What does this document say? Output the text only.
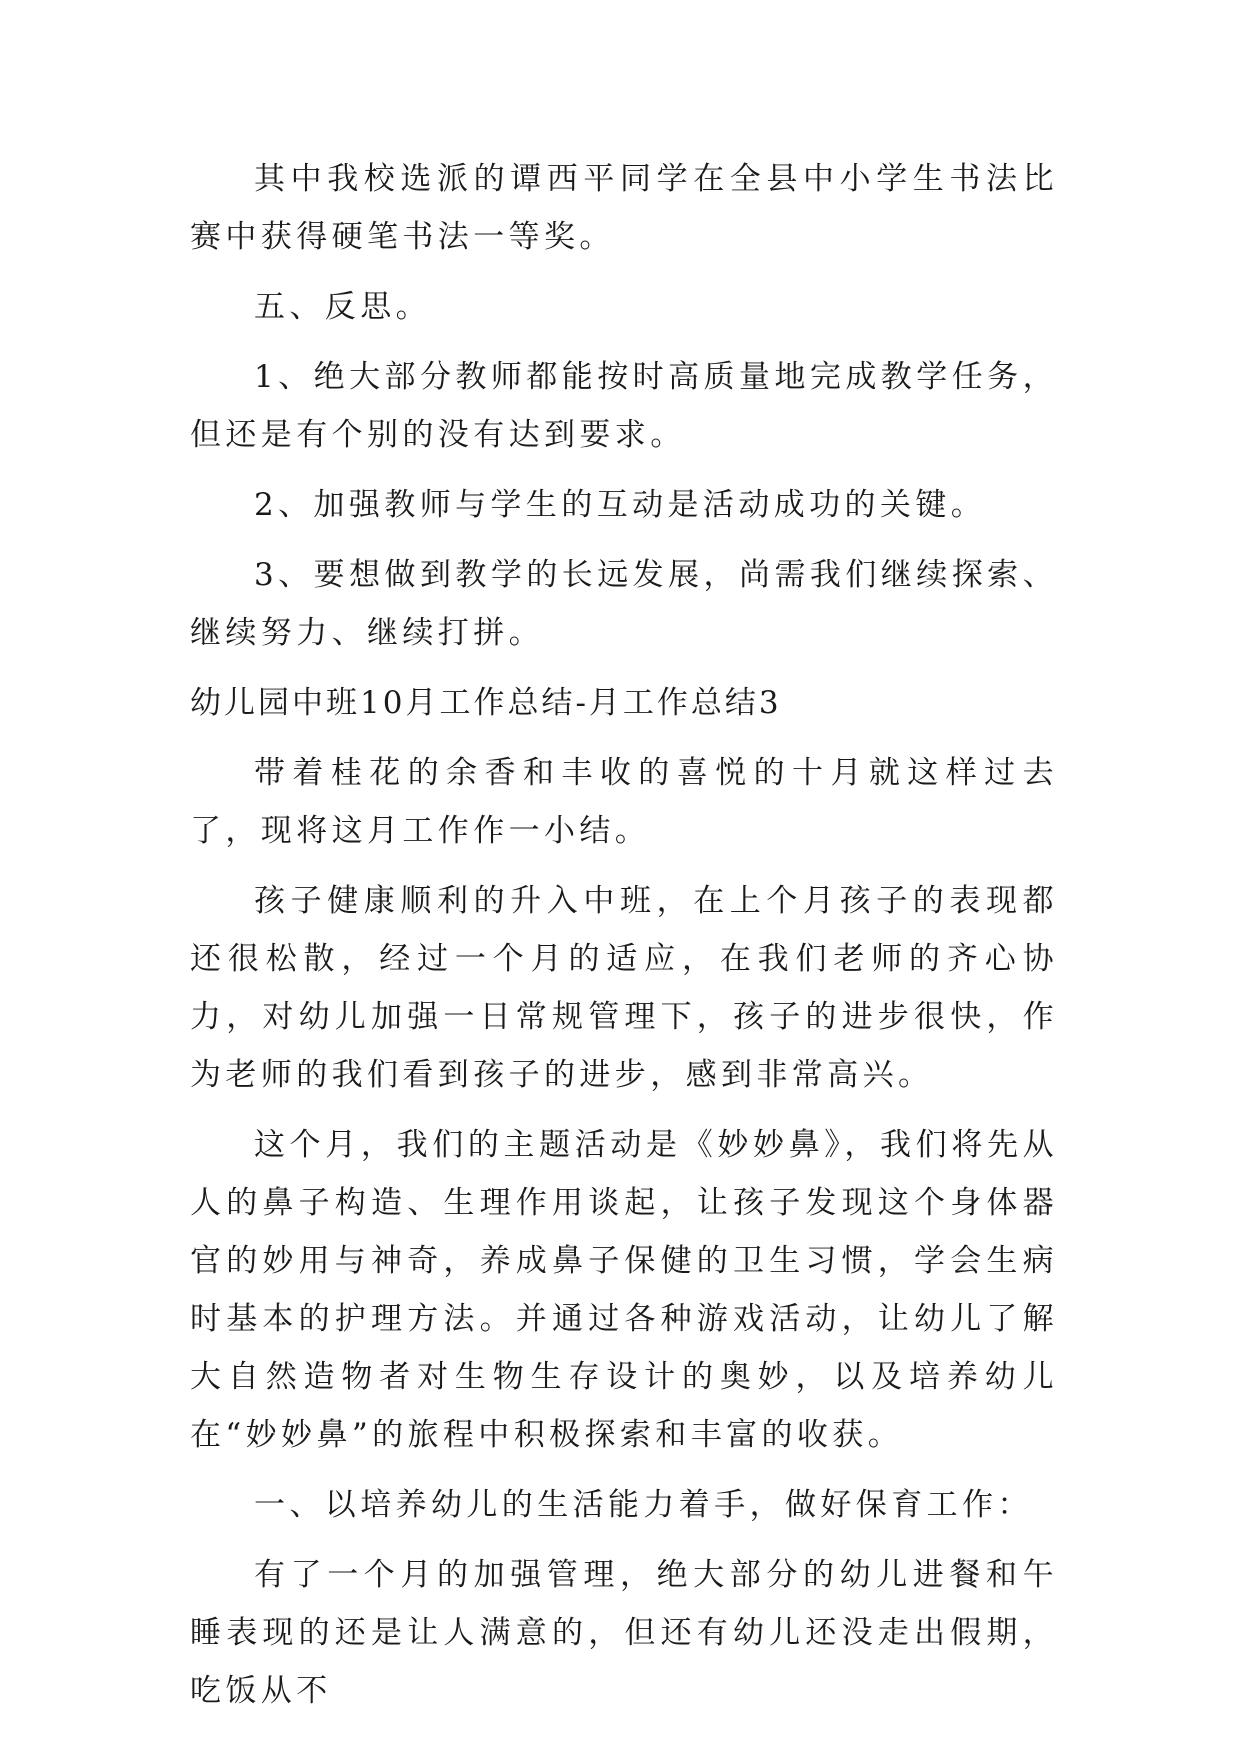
其中我校选派的谭西平同学在全县中小学生书法比赛中获得硬笔书法一等奖。

五、反思。

1、绝大部分教师都能按时高质量地完成教学任务，但还是有个别的没有达到要求。

2、加强教师与学生的互动是活动成功的关键。

3、要想做到教学的长远发展，尚需我们继续探索、继续努力、继续打拼。

幼儿园中班10月工作总结-月工作总结3

带着桂花的余香和丰收的喜悦的十月就这样过去了，现将这月工作作一小结。

孩子健康顺利的升入中班，在上个月孩子的表现都还很松散，经过一个月的适应，在我们老师的齐心协力，对幼儿加强一日常规管理下，孩子的进步很快，作为老师的我们看到孩子的进步，感到非常高兴。

这个月，我们的主题活动是《妙妙鼻》，我们将先从人的鼻子构造、生理作用谈起，让孩子发现这个身体器官的妙用与神奇，养成鼻子保健的卫生习惯，学会生病时基本的护理方法。并通过各种游戏活动，让幼儿了解大自然造物者对生物生存设计的奥妙，以及培养幼儿在“妙妙鼻”的旅程中积极探索和丰富的收获。

一、以培养幼儿的生活能力着手，做好保育工作：

有了一个月的加强管理，绝大部分的幼儿进餐和午睡表现的还是让人满意的，但还有幼儿还没走出假期，吃饭从不
